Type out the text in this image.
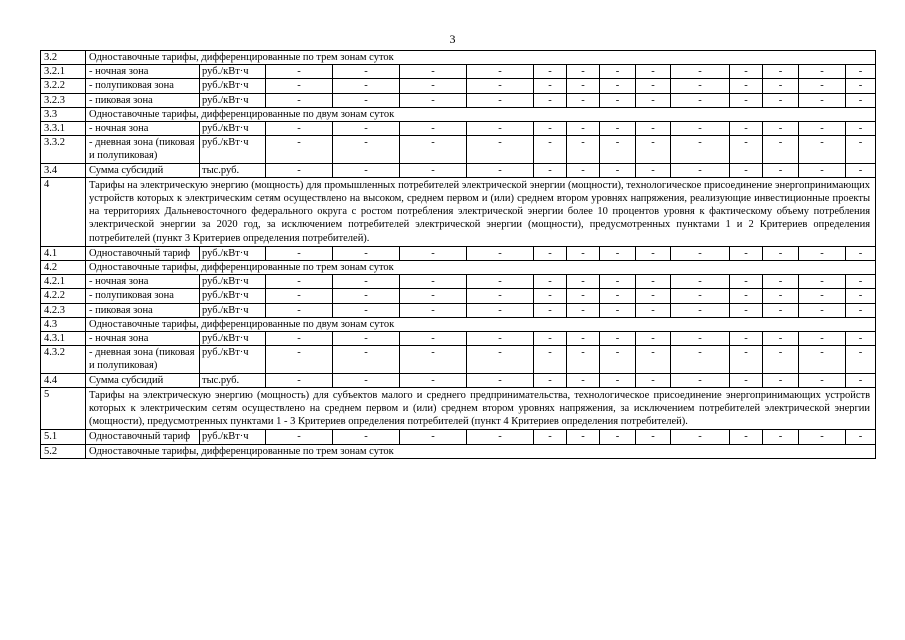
3
3.2	Одноставочные тарифы, дифференцированные по трем зонам суток															
3.2.1	- ночная зона	руб./кВт·ч	-	-	-	-	-	-	-	-	-	-	-	-	-	
3.2.2	- полупиковая зона	руб./кВт·ч	-	-	-	-	-	-	-	-	-	-	-	-	-	
3.2.3	- пиковая зона	руб./кВт·ч	-	-	-	-	-	-	-	-	-	-	-	-	-	
3.3	Одноставочные тарифы, дифференцированные по двум зонам суток															
3.3.1	- ночная зона	руб./кВт·ч	-	-	-	-	-	-	-	-	-	-	-	-	-	
3.3.2	- дневная зона (пиковая и полупиковая)	руб./кВт·ч	-	-	-	-	-	-	-	-	-	-	-	-	-	
3.4	Сумма субсидий	тыс.руб.	-	-	-	-	-	-	-	-	-	-	-	-	-	
4	Тарифы на электрическую энергию (мощность) для промышленных потребителей электрической энергии (мощности), технологическое присоединение энергопринимающих устройств которых к электрическим сетям осуществлено на высоком, среднем первом и (или) среднем втором уровнях напряжения, реализующие инвестиционные проекты на территориях Дальневосточного федерального округа с ростом потребления электрической энергии более 10 процентов уровня к фактическому объему потребления электрической энергии за 2020 год, за исключением потребителей электрической энергии (мощности), предусмотренных пунктами 1 и 2 Критериев определения потребителей (пункт 3 Критериев определения потребителей).															
4.1	Одноставочный тариф	руб./кВт·ч	-	-	-	-	-	-	-	-	-	-	-	-	-	
4.2	Одноставочные тарифы, дифференцированные по трем зонам суток															
4.2.1	- ночная зона	руб./кВт·ч	-	-	-	-	-	-	-	-	-	-	-	-	-	
4.2.2	- полупиковая зона	руб./кВт·ч	-	-	-	-	-	-	-	-	-	-	-	-	-	
4.2.3	- пиковая зона	руб./кВт·ч	-	-	-	-	-	-	-	-	-	-	-	-	-	
4.3	Одноставочные тарифы, дифференцированные по двум зонам суток															
4.3.1	- ночная зона	руб./кВт·ч	-	-	-	-	-	-	-	-	-	-	-	-	-	
4.3.2	- дневная зона (пиковая и полупиковая)	руб./кВт·ч	-	-	-	-	-	-	-	-	-	-	-	-	-	
4.4	Сумма субсидий	тыс.руб.	-	-	-	-	-	-	-	-	-	-	-	-	-	
5	Тарифы на электрическую энергию (мощность) для субъектов малого и среднего предпринимательства, технологическое присоединение энергопринимающих устройств которых к электрическим сетям осуществлено на среднем первом и (или) среднем втором уровнях напряжения, за исключением потребителей электрической энергии (мощности), предусмотренных пунктами 1 - 3 Критериев определения потребителей (пункт 4 Критериев определения потребителей).															
5.1	Одноставочный тариф	руб./кВт·ч	-	-	-	-	-	-	-	-	-	-	-	-	-	
5.2	Одноставочные тарифы, дифференцированные по трем зонам суток															
